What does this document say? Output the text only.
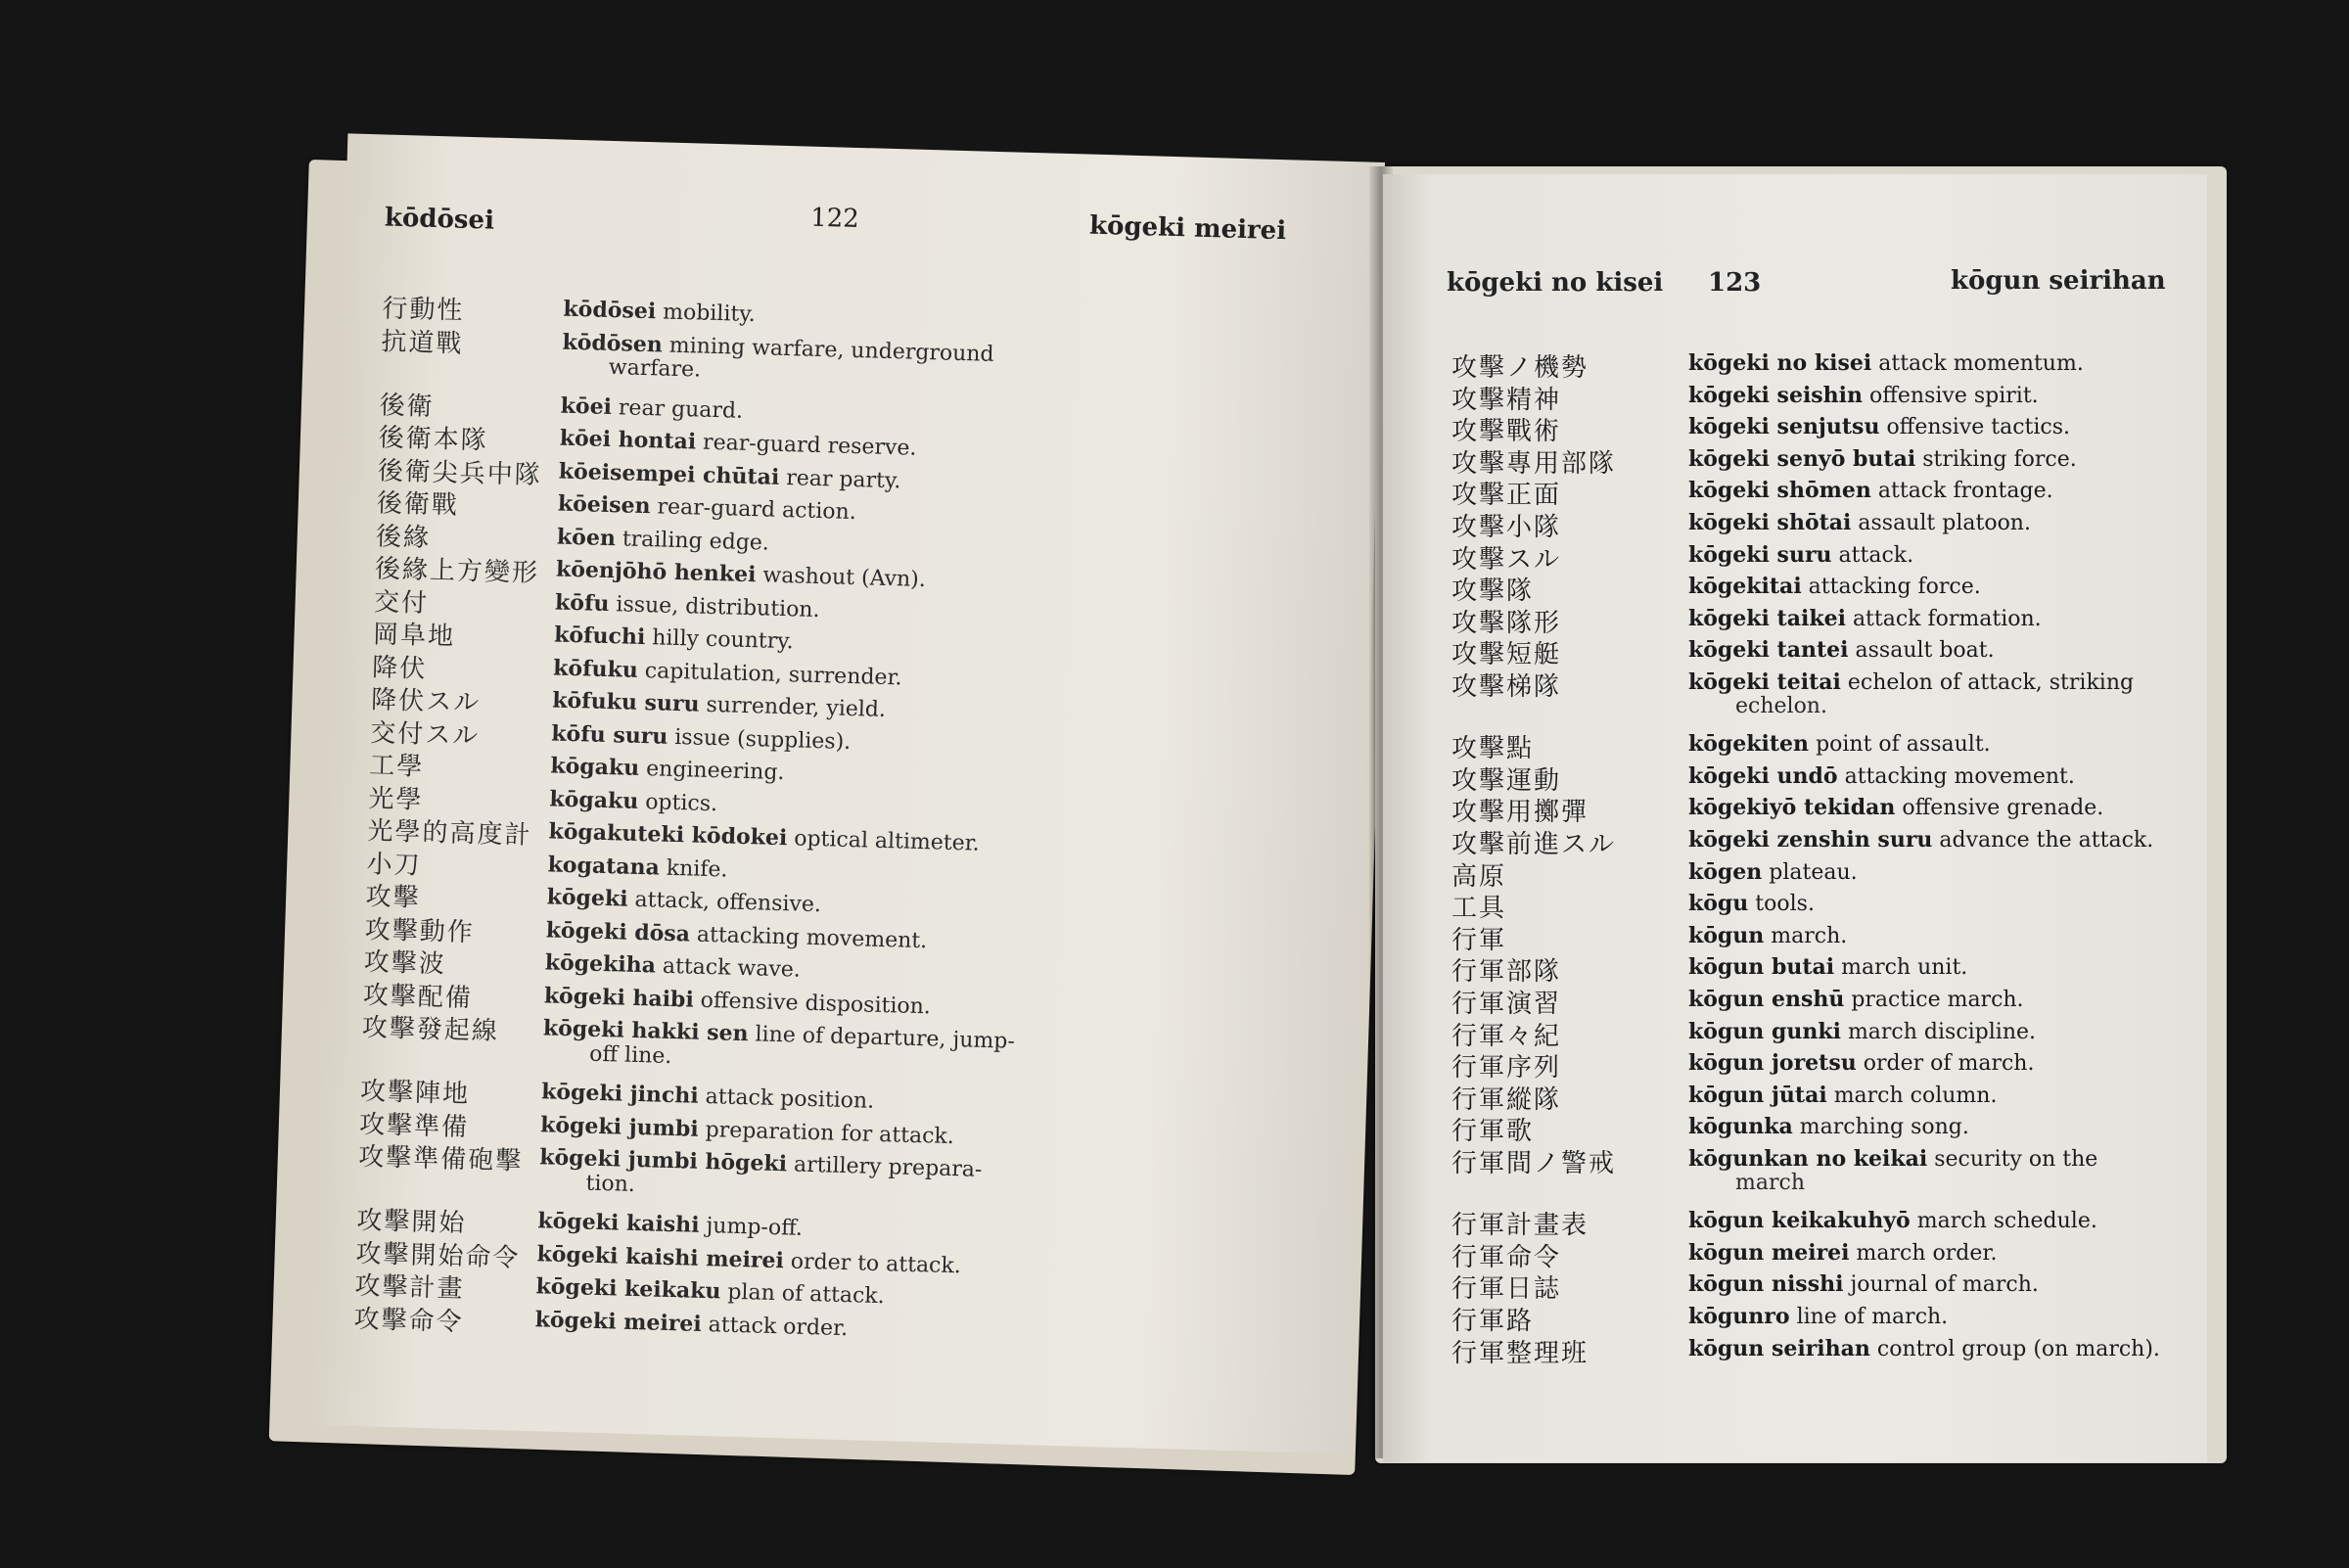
kōdōsei	122	kōgeki meirei
行動性	kōdōsei mobility.
抗道戰	kōdōsen mining warfare, underground
warfare.
後衛	kōei rear guard.
後衛本隊	kōei hontai rear-guard reserve.
後衛尖兵中隊 kōeisempei chūtai rear party.
後衛戰	kōeisen rear-guard action.
後緣	kōen trailing edge.
後緣上方變形 kōenjōhō henkei washout (Avn).
交付	kōfu issue, distribution.
岡阜地	kōfuchi hilly country.
降伏	kōfuku capitulation, surrender.
降伏スル	kōfuku suru surrender, yield.
交付スル	kōfu suru issue (supplies).
工學	kōgaku engineering.
光學	kōgaku optics.
光學的高度計 kōgakuteki kōdokei optical altimeter.
小刀	kogatana knife.
攻擊	kōgeki attack, offensive.
攻擊動作	kōgeki dōsa attacking movement.
攻擊波	kōgekiha attack wave.
攻擊配備	kōgeki haibi offensive disposition.
攻擊發起線 kōgeki hakki sen line of departure, jump-
off line.
攻擊陣地	kōgeki jinchi attack position.
攻擊準備	kōgeki jumbi preparation for attack.
攻擊準備砲擊 kōgeki jumbi hōgeki artillery prepara-
tion.
攻擊開始	kōgeki kaishi jump-off.
攻擊開始命令 kōgeki kaishi meirei order to attack.
攻擊計畫	kōgeki keikaku plan of attack.
攻擊命令	kōgeki meirei attack order.
kōgeki no kisei 123	kōgun seirihan
攻擊ノ機勢	kōgeki no kisei attack momentum.
攻擊精神	kōgeki seishin offensive spirit.
攻擊戰術	kōgeki senjutsu offensive tactics.
攻擊專用部隊	kōgeki senyō butai striking force.
攻擊正面	kōgeki shōmen attack frontage.
攻擊小隊	kōgeki shōtai assault platoon.
攻擊スル	kōgeki suru attack.
攻擊隊	kōgekitai attacking force.
攻擊隊形	kōgeki taikei attack formation.
攻擊短艇	kōgeki tantei assault boat.
攻擊梯隊	kōgeki teitai echelon of attack, striking
echelon.
攻擊點	kōgekiten point of assault.
攻擊運動	kōgeki undō attacking movement.
攻擊用擲彈	kōgekiyō tekidan offensive grenade.
攻擊前進スル	kōgeki zenshin suru advance the attack.
高原	kōgen plateau.
工具	kōgu tools.
行軍	kōgun march.
行軍部隊	kōgun butai march unit.
行軍演習	kōgun enshū practice march.
行軍々紀	kōgun gunki march discipline.
行軍序列	kōgun joretsu order of march.
行軍縱隊	kōgun jūtai march column.
行軍歌	kōgunka marching song.
行軍間ノ警戒	kōgunkan no keikai security on the
march
行軍計畫表	kōgun keikakuhyō march schedule.
行軍命令	kōgun meirei march order.
行軍日誌	kōgun nisshi journal of march.
行軍路	kōgunro line of march.
行軍整理班	kōgun seirihan control group (on march).
